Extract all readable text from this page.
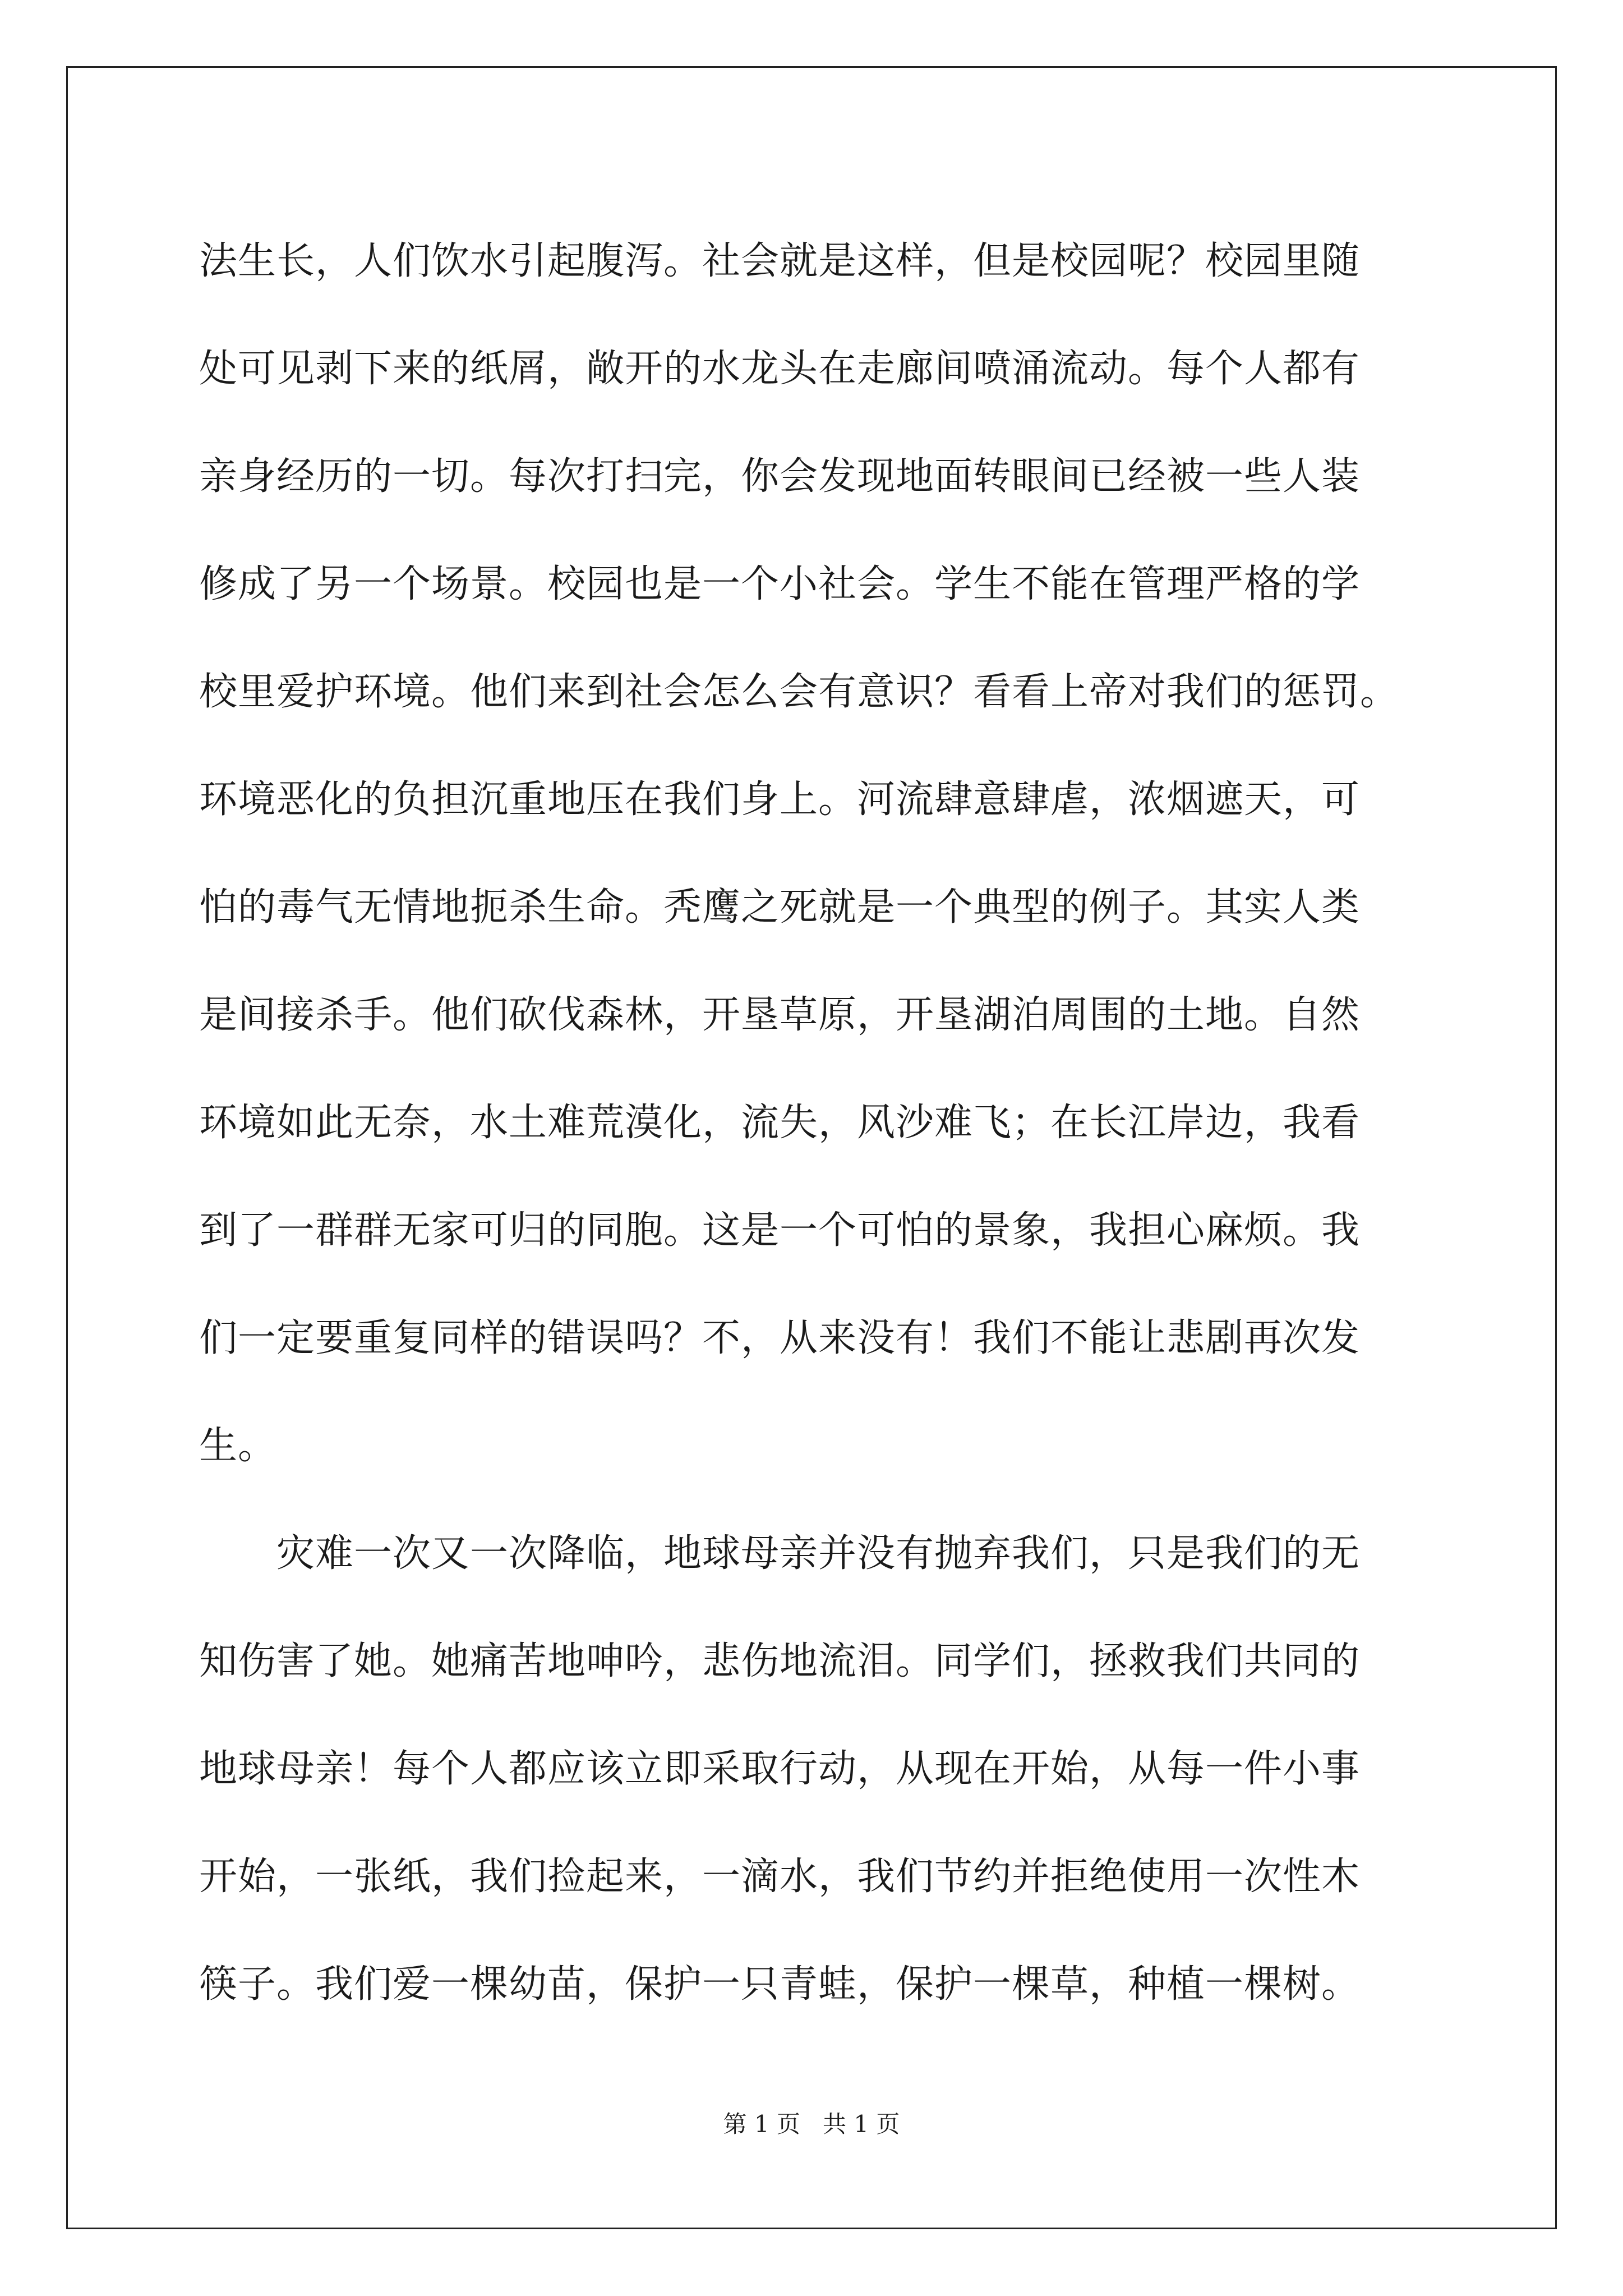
法生长，人们饮水引起腹泻。社会就是这样，但是校园呢？校园里随
处可见剥下来的纸屑，敞开的水龙头在走廊间喷涌流动。每个人都有
亲身经历的一切。每次打扫完，你会发现地面转眼间已经被一些人装
修成了另一个场景。校园也是一个小社会。学生不能在管理严格的学
校里爱护环境。他们来到社会怎么会有意识？看看上帝对我们的惩罚。
环境恶化的负担沉重地压在我们身上。河流肆意肆虐，浓烟遮天，可
怕的毒气无情地扼杀生命。秃鹰之死就是一个典型的例子。其实人类
是间接杀手。他们砍伐森林，开垦草原，开垦湖泊周围的土地。自然
环境如此无奈，水土难荒漠化，流失，风沙难飞；在长江岸边，我看
到了一群群无家可归的同胞。这是一个可怕的景象，我担心麻烦。我
们一定要重复同样的错误吗？不，从来没有！我们不能让悲剧再次发
生。

灾难一次又一次降临，地球母亲并没有抛弃我们，只是我们的无
知伤害了她。她痛苦地呻吟，悲伤地流泪。同学们，拯救我们共同的
地球母亲！每个人都应该立即采取行动，从现在开始，从每一件小事
开始，一张纸，我们捡起来，一滴水，我们节约并拒绝使用一次性木
筷子。我们爱一棵幼苗，保护一只青蛙，保护一棵草，种植一棵树。

第 1 页 共 1 页
